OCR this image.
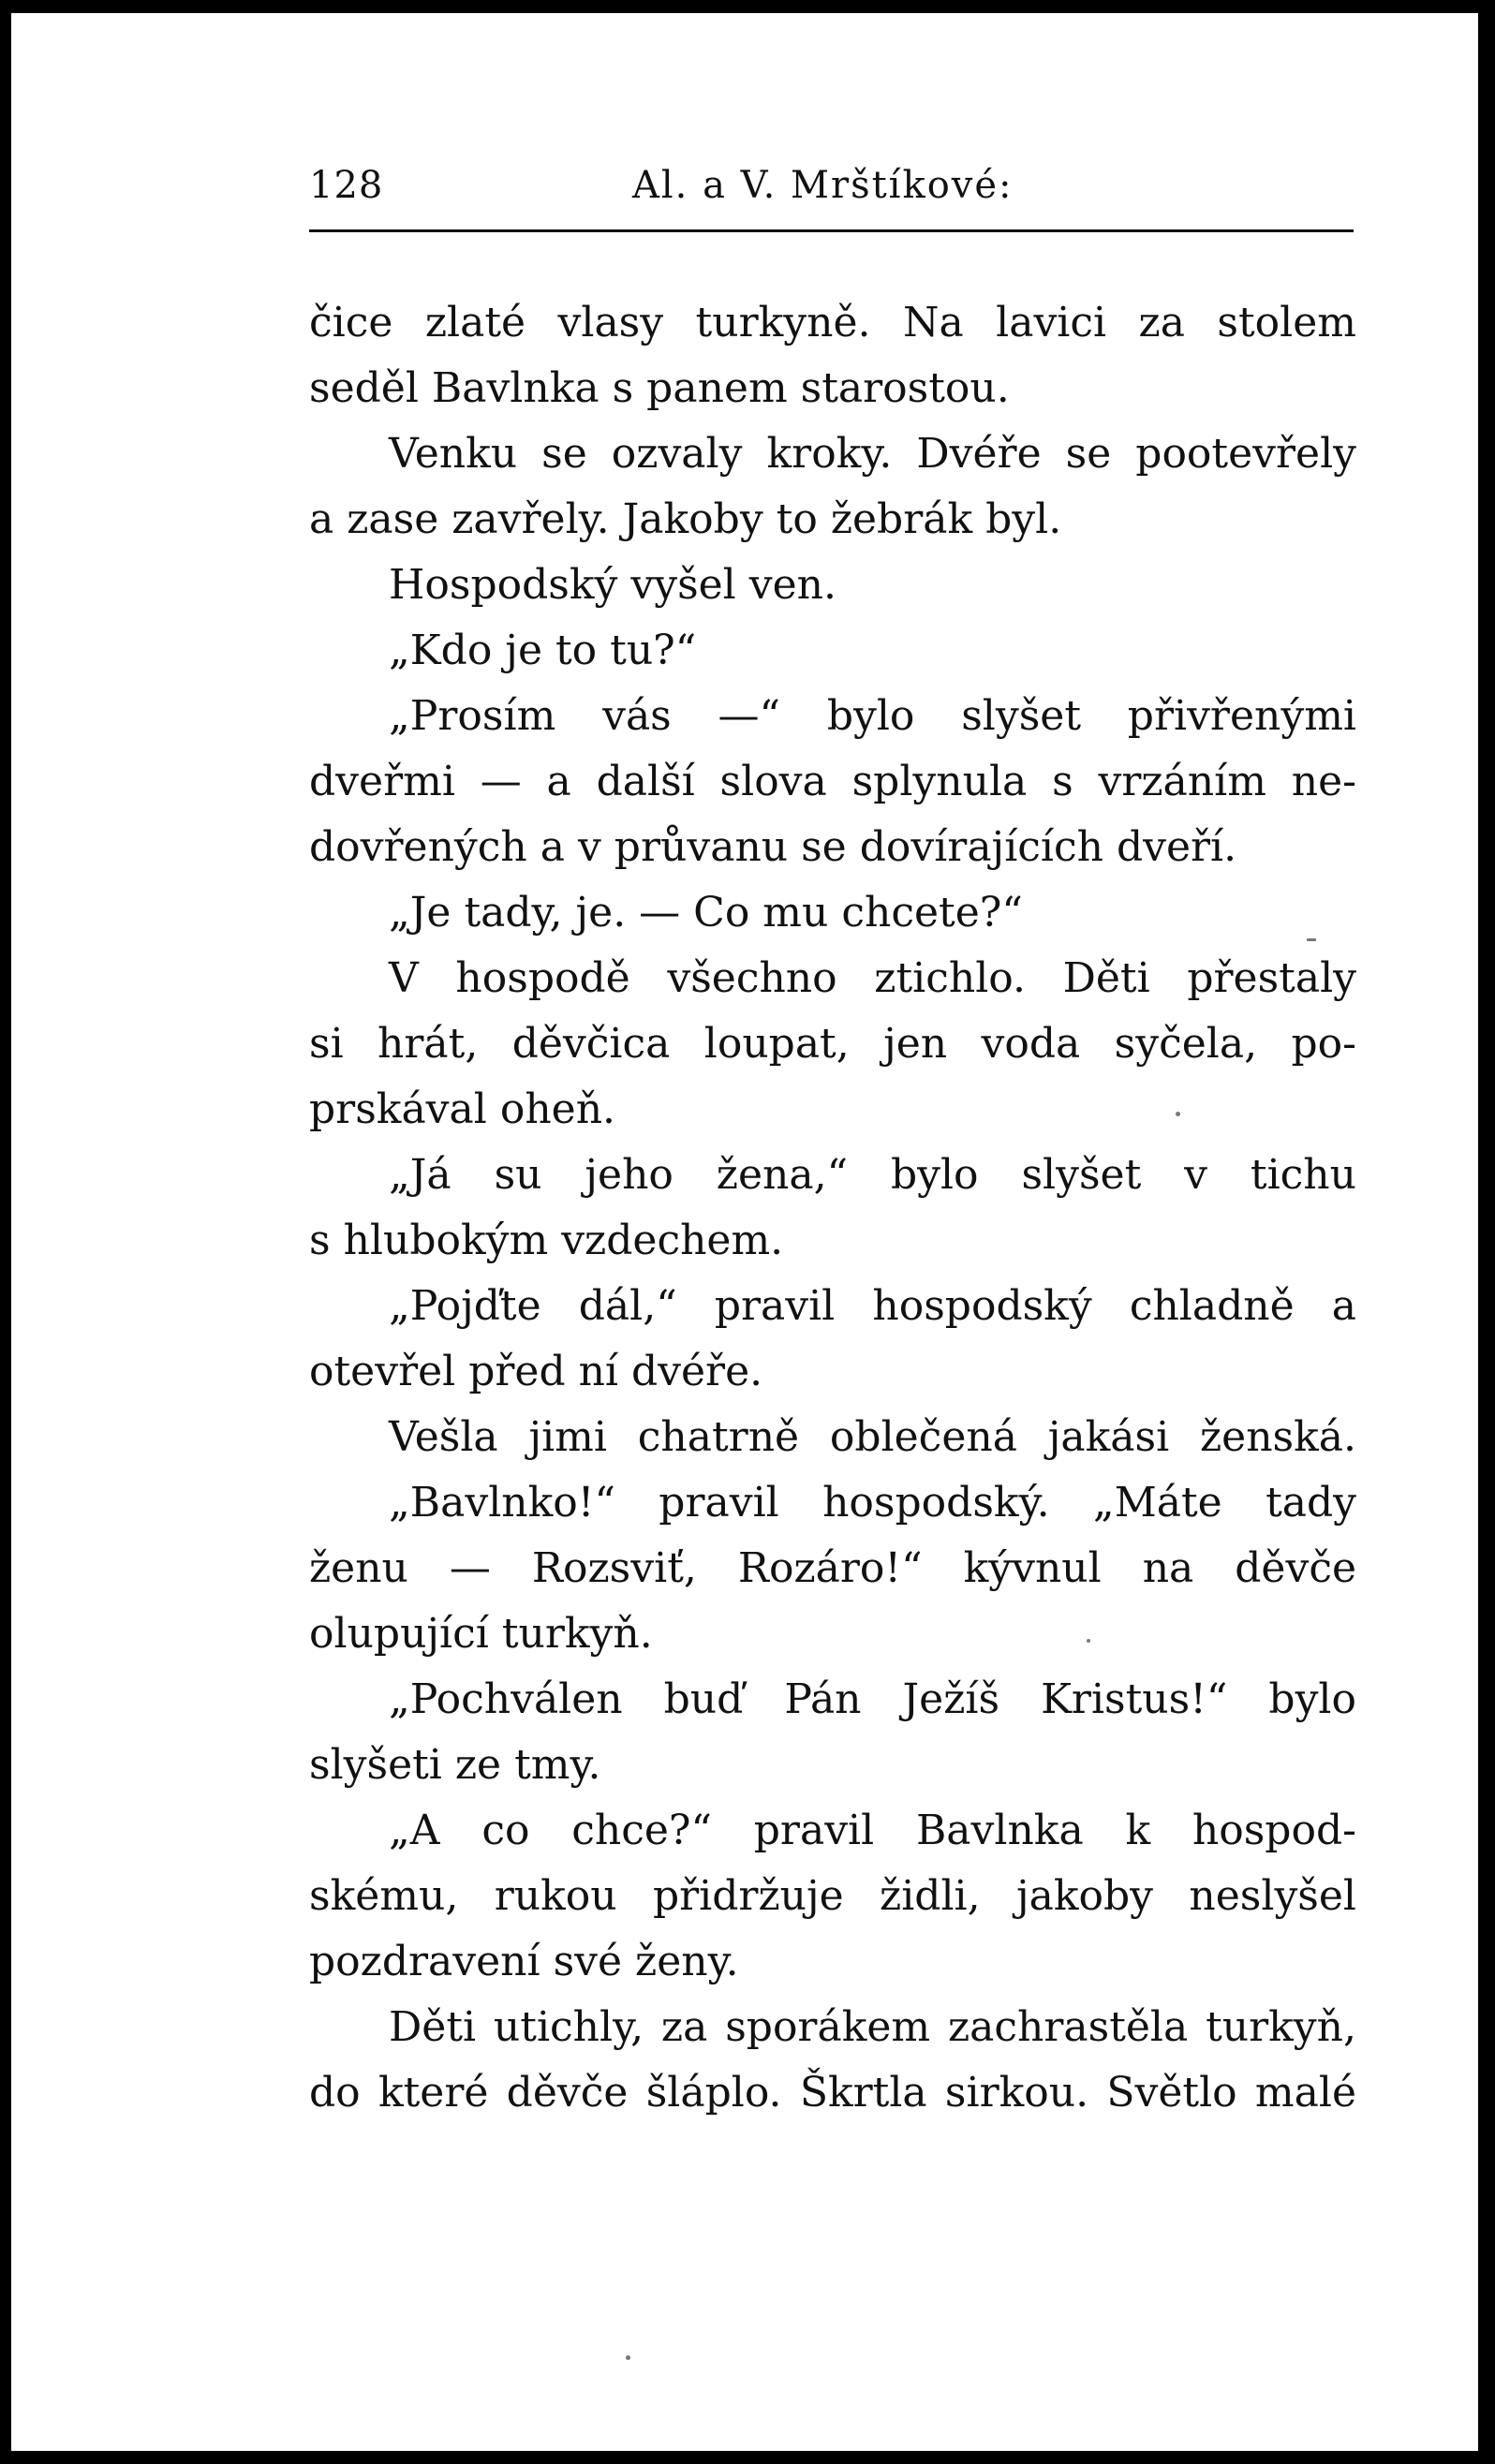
128	Al. a V. Mrštíkové:
čice zlaté vlasy turkyně. Na lavici za stolem
seděl Bavlnka s panem starostou.
Venku se ozvaly kroky. Dvéře se pootevřely
a zase zavřely. Jakoby to žebrák byl.
Hospodský vyšel ven.
„Kdo je to tu?“
„Prosím vás —“ bylo slyšet přivřenými
dveřmi — a další slova splynula s vrzáním ne-
dovřených a v průvanu se dovírajících dveří.
„Je tady, je. — Co mu chcete?“
V hospodě všechno ztichlo. Děti přestaly
si hrát, děvčica loupat, jen voda syčela, po-
prskával oheň.
„Já su jeho žena,“ bylo slyšet v tichu
s hlubokým vzdechem.
„Pojďte dál,“ pravil hospodský chladně a
otevřel před ní dvéře.
Vešla jimi chatrně oblečená jakási ženská.
„Bavlnko!“ pravil hospodský. „Máte tady
ženu — Rozsviť, Rozáro!“ kývnul na děvče
olupující turkyň.
„Pochválen buď Pán Ježíš Kristus!“ bylo
slyšeti ze tmy.
„A co chce?“ pravil Bavlnka k hospod-
skému, rukou přidržuje židli, jakoby neslyšel
pozdravení své ženy.
Děti utichly, za sporákem zachrastěla turkyň,
do které děvče šláplo. Škrtla sirkou. Světlo malé
